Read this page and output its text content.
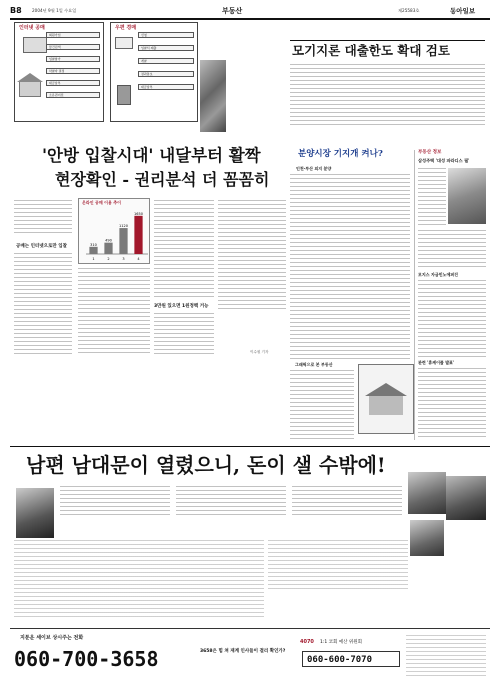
B8 2004년 9월 1일 수요일	부동산	제25583호	동아일보
인터넷 공매
회원가입
물건검색
입찰참가
낙찰자 결정
대금납부
소유권이전
우편 경매
신청
입찰서 제출
개찰
결과통보
대금납부
'안방 입찰시대' 내달부터 활짝
현장확인 - 권리분석 더 꼼꼼히
공매는 인터넷으로만 입찰
온라인 공매 이용 추이
310
1
490
2
1120
3
1650
4
3만원 있으면 1원정백 거능
이수원 기자
모기지론 대출한도 확대 검토
분양시장 기지개 켜나?
인천·부산 외지 분양
그래픽으로 본 부동산
부동산 정보
삼성주택 '대성 파라디스 필'
모지스 자금민노에퍼진
관련 '휴케이플 발표'
남편 남대문이 열렸으니, 돈이 샐 수밖에!
지푼운 세이브 상시주는 전화
060-700-3658	3658은 힘 쳐 재계 인사들이 결리 확인가?
4070 1:1 코회 예산 위원회
060-600-7070
